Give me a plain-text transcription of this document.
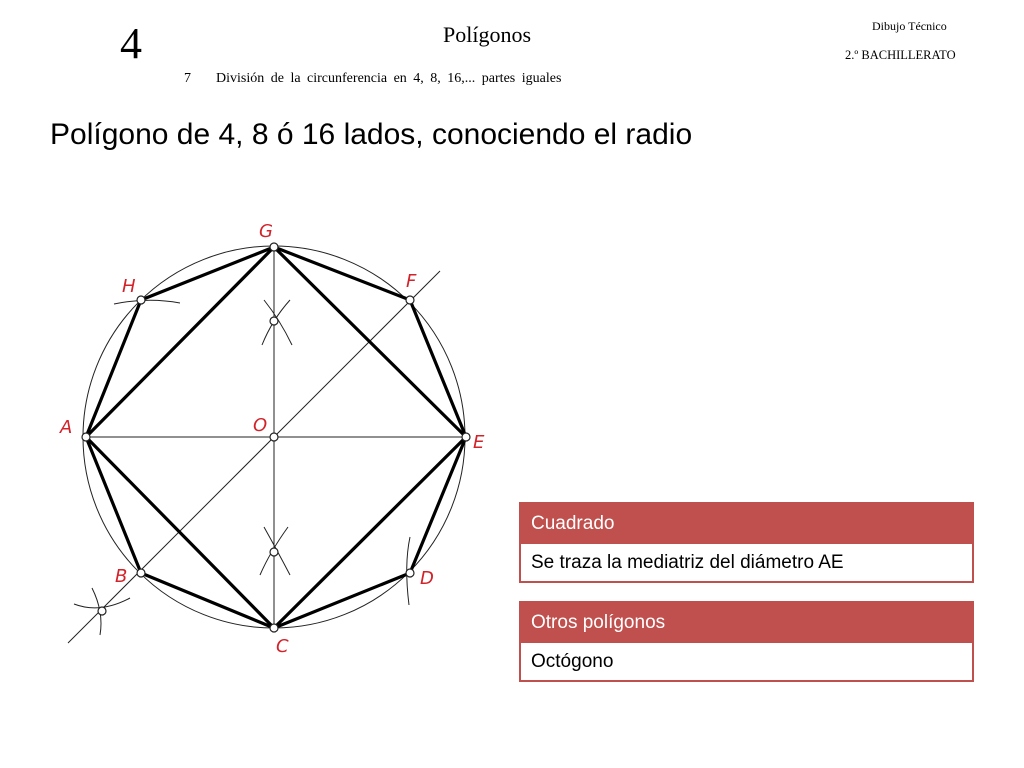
4	Polígonos
7 División de la circunferencia en 4, 8, 16,... partes iguales
Dibujo Técnico
2.º BACHILLERATO
Polígono de 4, 8 ó 16 lados, conociendo el radio
A
B
C
D
E
F
G
H
O
Cuadrado
Se traza la mediatriz del diámetro AE
Otros polígonos
Octógono
